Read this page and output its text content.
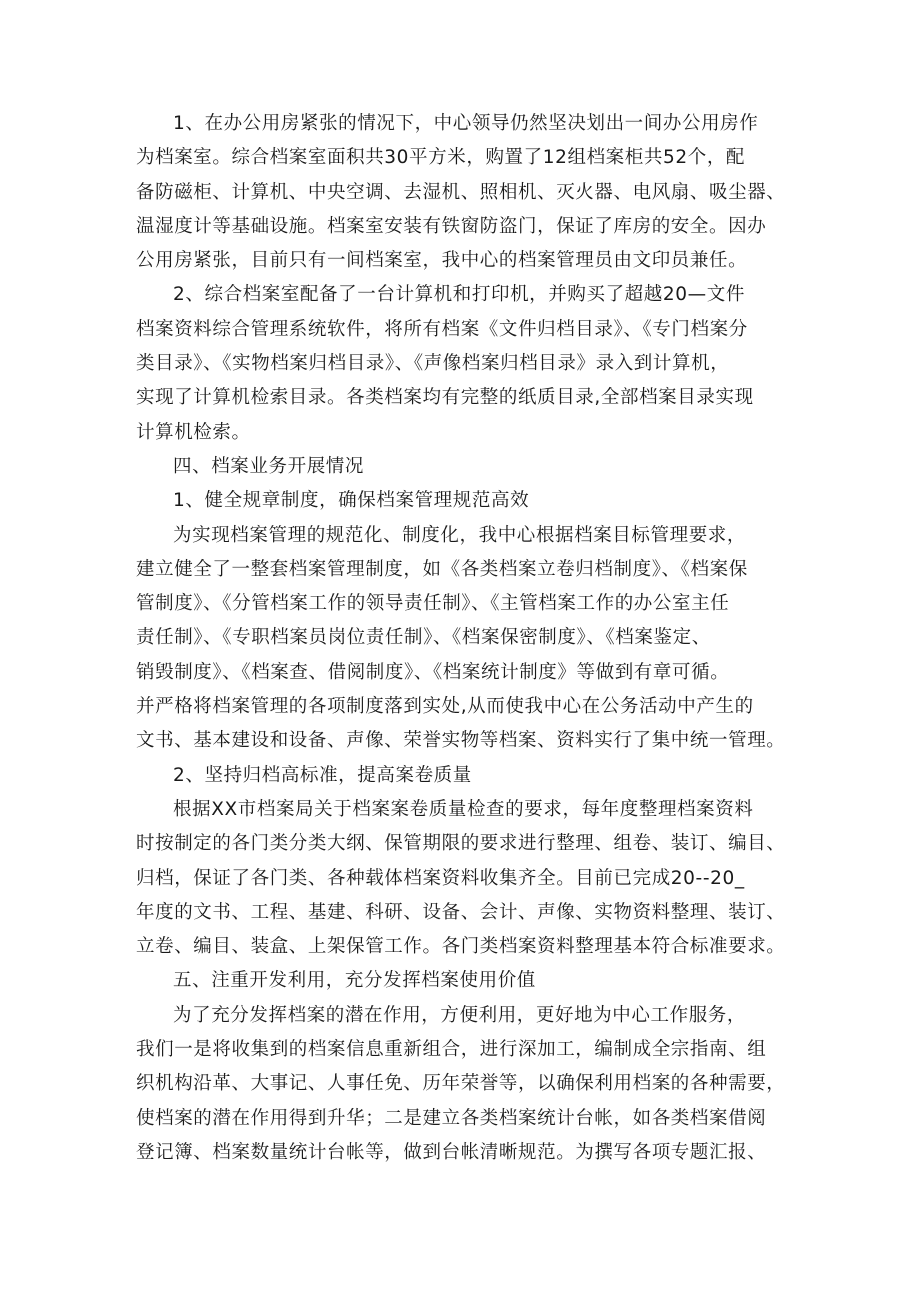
1、在办公用房紧张的情况下，中心领导仍然坚决划出一间办公用房作
为档案室。综合档案室面积共30平方米，购置了12组档案柜共52个，配
备防磁柜、计算机、中央空调、去湿机、照相机、灭火器、电风扇、吸尘器、
温湿度计等基础设施。档案室安装有铁窗防盗门，保证了库房的安全。因办
公用房紧张，目前只有一间档案室，我中心的档案管理员由文印员兼任。
2、综合档案室配备了一台计算机和打印机，并购买了超越20—文件
档案资料综合管理系统软件，将所有档案《文件归档目录》、《专门档案分
类目录》、《实物档案归档目录》、《声像档案归档目录》录入到计算机，
实现了计算机检索目录。各类档案均有完整的纸质目录,全部档案目录实现
计算机检索。
四、档案业务开展情况
1、健全规章制度，确保档案管理规范高效
为实现档案管理的规范化、制度化，我中心根据档案目标管理要求，
建立健全了一整套档案管理制度，如《各类档案立卷归档制度》、《档案保
管制度》、《分管档案工作的领导责任制》、《主管档案工作的办公室主任
责任制》、《专职档案员岗位责任制》、《档案保密制度》、《档案鉴定、
销毁制度》、《档案查、借阅制度》、《档案统计制度》等做到有章可循。
并严格将档案管理的各项制度落到实处,从而使我中心在公务活动中产生的
文书、基本建设和设备、声像、荣誉实物等档案、资料实行了集中统一管理。
2、坚持归档高标准，提高案卷质量
根据XX市档案局关于档案案卷质量检查的要求，每年度整理档案资料
时按制定的各门类分类大纲、保管期限的要求进行整理、组卷、装订、编目、
归档，保证了各门类、各种载体档案资料收集齐全。目前已完成20--20_
年度的文书、工程、基建、科研、设备、会计、声像、实物资料整理、装订、
立卷、编目、装盒、上架保管工作。各门类档案资料整理基本符合标准要求。
五、注重开发利用，充分发挥档案使用价值
为了充分发挥档案的潜在作用，方便利用，更好地为中心工作服务，
我们一是将收集到的档案信息重新组合，进行深加工，编制成全宗指南、组
织机构沿革、大事记、人事任免、历年荣誉等，以确保利用档案的各种需要，
使档案的潜在作用得到升华；二是建立各类档案统计台帐，如各类档案借阅
登记簿、档案数量统计台帐等，做到台帐清晰规范。为撰写各项专题汇报、
